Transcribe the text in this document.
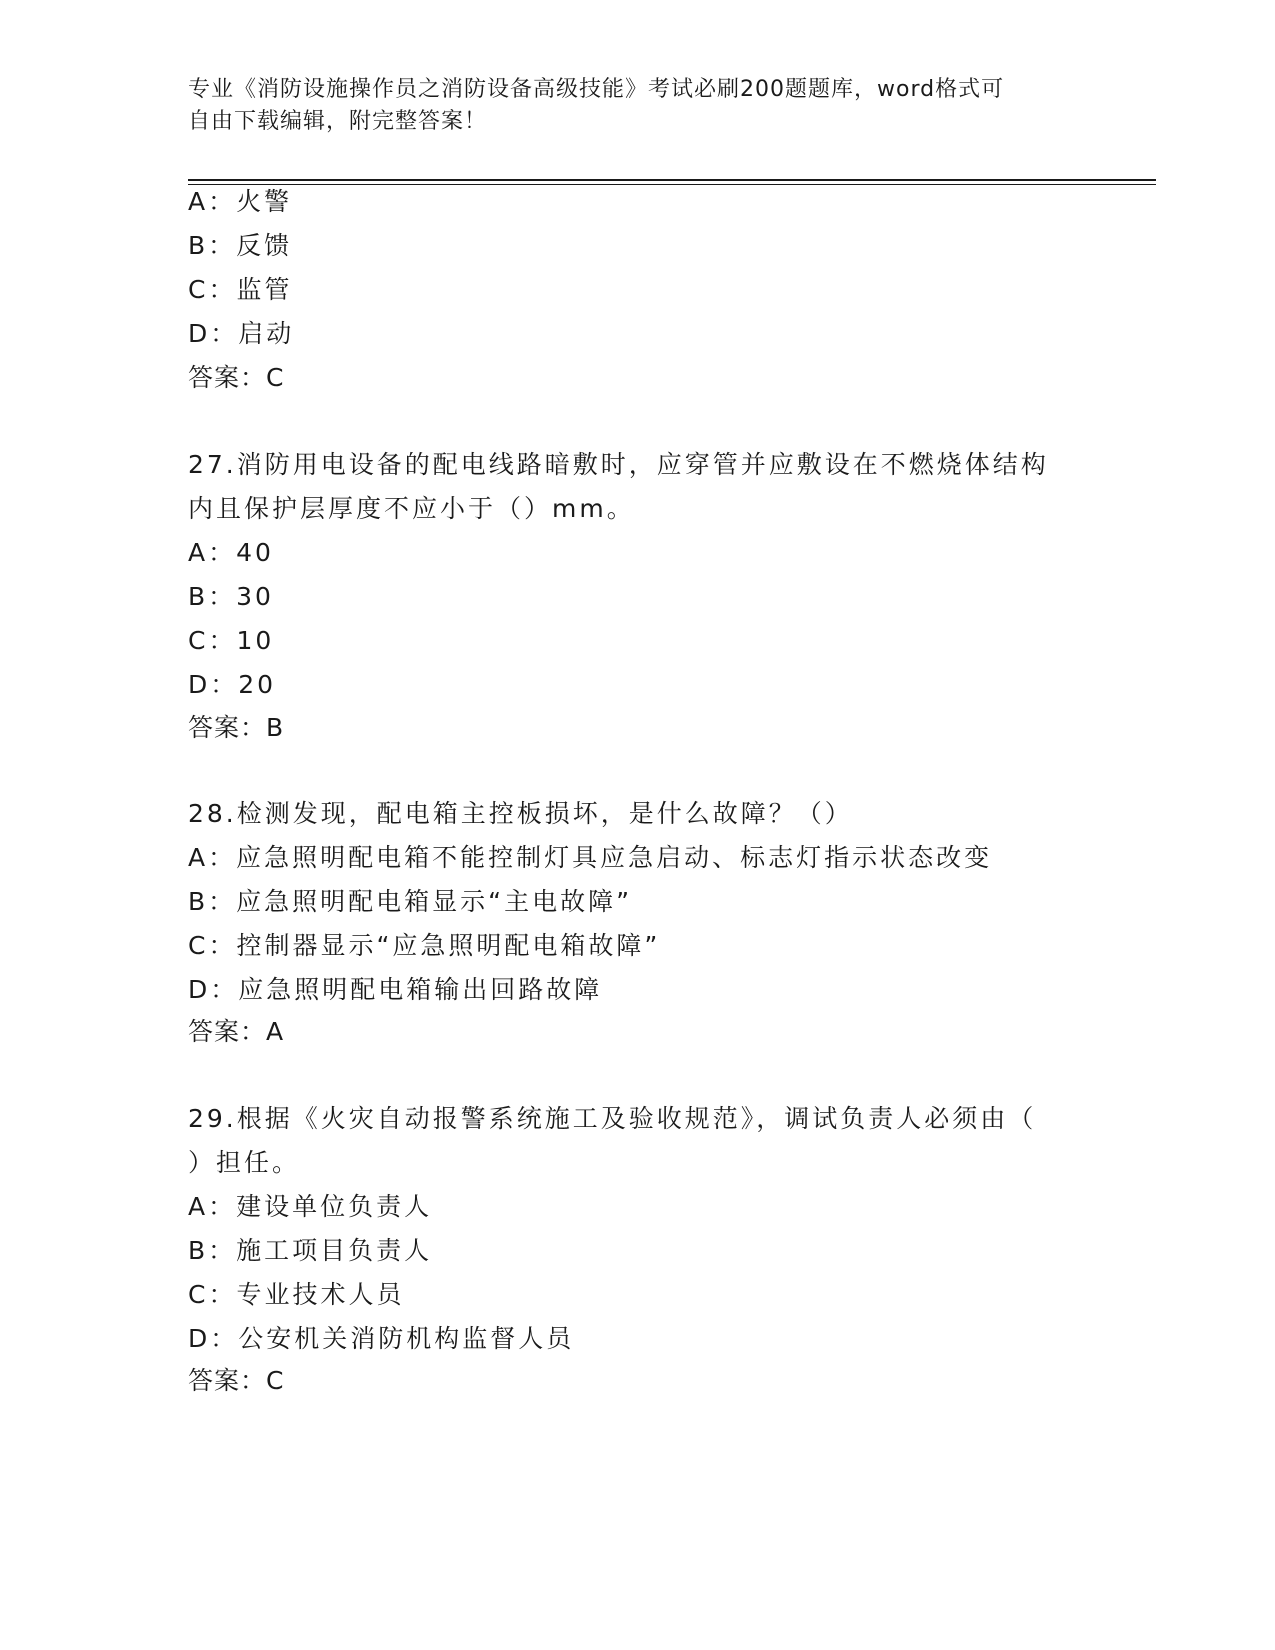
专业《消防设施操作员之消防设备高级技能》考试必刷200题题库，word格式可
自由下载编辑，附完整答案！
A：火警
B：反馈
C：监管
D：启动
答案：C
27.消防用电设备的配电线路暗敷时，应穿管并应敷设在不燃烧体结构
内且保护层厚度不应小于（）mm。
A：40
B：30
C：10
D：20
答案：B
28.检测发现，配电箱主控板损坏，是什么故障？（）
A：应急照明配电箱不能控制灯具应急启动、标志灯指示状态改变
B：应急照明配电箱显示“主电故障”
C：控制器显示“应急照明配电箱故障”
D：应急照明配电箱输出回路故障
答案：A
29.根据《火灾自动报警系统施工及验收规范》，调试负责人必须由（
）担任。
A：建设单位负责人
B：施工项目负责人
C：专业技术人员
D：公安机关消防机构监督人员
答案：C
